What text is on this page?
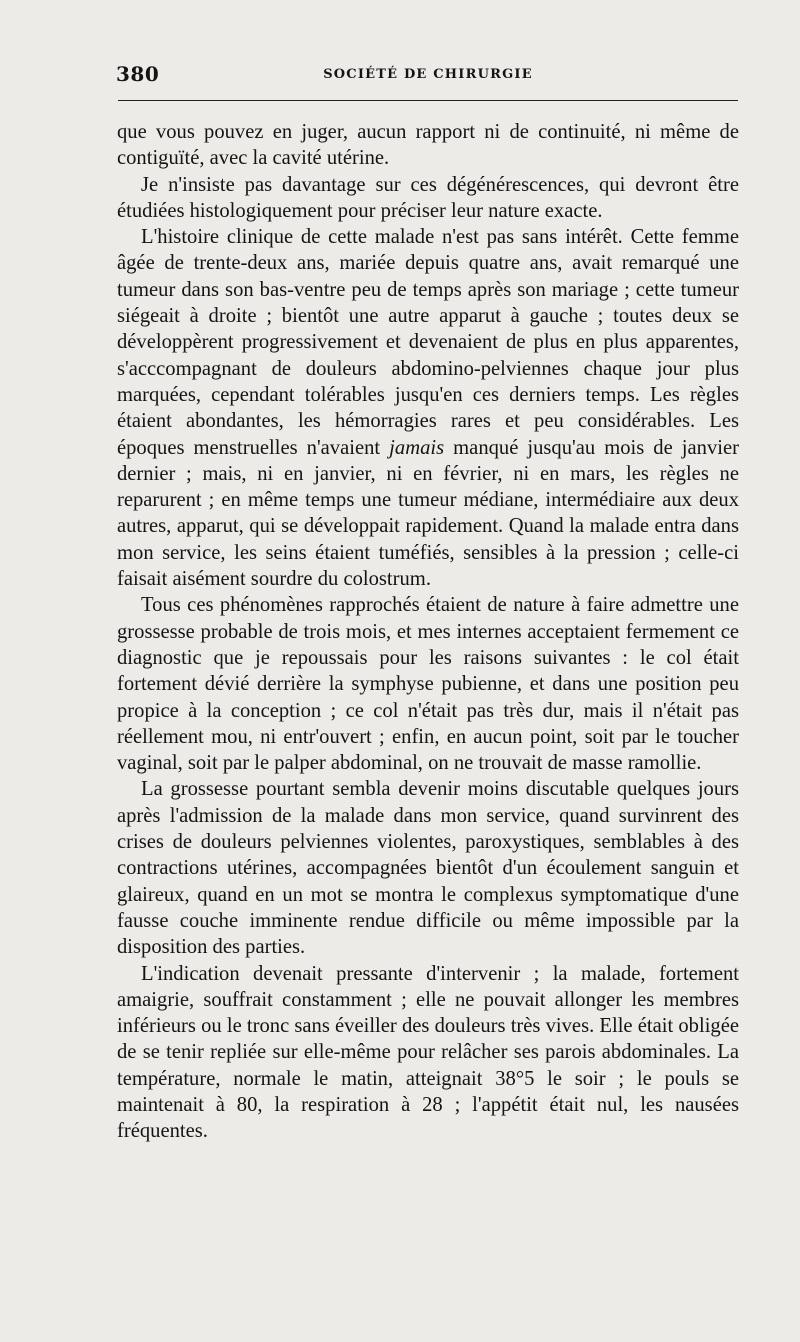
380	SOCIÉTÉ DE CHIRURGIE

que vous pouvez en juger, aucun rapport ni de continuité, ni même de contiguïté, avec la cavité utérine.

Je n'insiste pas davantage sur ces dégénérescences, qui devront être étudiées histologiquement pour préciser leur nature exacte.

L'histoire clinique de cette malade n'est pas sans intérêt. Cette femme âgée de trente-deux ans, mariée depuis quatre ans, avait remarqué une tumeur dans son bas-ventre peu de temps après son mariage ; cette tumeur siégeait à droite ; bientôt une autre apparut à gauche ; toutes deux se développèrent progressivement et devenaient de plus en plus apparentes, s'acccompagnant de douleurs abdomino-pelviennes chaque jour plus marquées, cependant tolérables jusqu'en ces derniers temps. Les règles étaient abondantes, les hémorragies rares et peu considérables. Les époques menstruelles n'avaient jamais manqué jusqu'au mois de janvier dernier ; mais, ni en janvier, ni en février, ni en mars, les règles ne reparurent ; en même temps une tumeur médiane, intermédiaire aux deux autres, apparut, qui se développait rapidement. Quand la malade entra dans mon service, les seins étaient tuméfiés, sensibles à la pression ; celle-ci faisait aisément sourdre du colostrum.

Tous ces phénomènes rapprochés étaient de nature à faire admettre une grossesse probable de trois mois, et mes internes acceptaient fermement ce diagnostic que je repoussais pour les raisons suivantes : le col était fortement dévié derrière la symphyse pubienne, et dans une position peu propice à la conception ; ce col n'était pas très dur, mais il n'était pas réellement mou, ni entr'ouvert ; enfin, en aucun point, soit par le toucher vaginal, soit par le palper abdominal, on ne trouvait de masse ramollie.

La grossesse pourtant sembla devenir moins discutable quelques jours après l'admission de la malade dans mon service, quand survinrent des crises de douleurs pelviennes violentes, paroxystiques, semblables à des contractions utérines, accompagnées bientôt d'un écoulement sanguin et glaireux, quand en un mot se montra le complexus symptomatique d'une fausse couche imminente rendue difficile ou même impossible par la disposition des parties.

L'indication devenait pressante d'intervenir ; la malade, fortement amaigrie, souffrait constamment ; elle ne pouvait allonger les membres inférieurs ou le tronc sans éveiller des douleurs très vives. Elle était obligée de se tenir repliée sur elle-même pour relâcher ses parois abdominales. La température, normale le matin, atteignait 38°5 le soir ; le pouls se maintenait à 80, la respiration à 28 ; l'appétit était nul, les nausées fréquentes.
